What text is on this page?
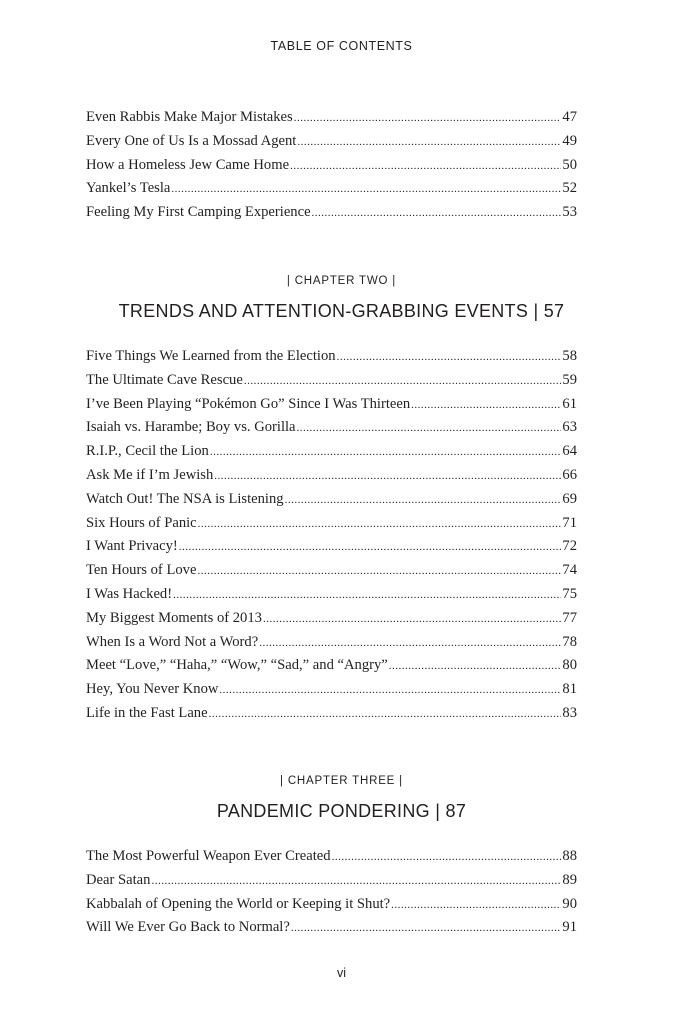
TABLE OF CONTENTS
Even Rabbis Make Major Mistakes .....	47
Every One of Us Is a Mossad Agent .....	49
How a Homeless Jew Came Home .....	50
Yankel’s Tesla .....	52
Feeling My First Camping Experience .....	53
| CHAPTER TWO |
TRENDS AND ATTENTION-GRABBING EVENTS | 57
Five Things We Learned from the Election .....	58
The Ultimate Cave Rescue .....	59
I’ve Been Playing “Pokémon Go” Since I Was Thirteen .....	61
Isaiah vs. Harambe; Boy vs. Gorilla .....	63
R.I.P., Cecil the Lion .....	64
Ask Me if I’m Jewish .....	66
Watch Out! The NSA is Listening .....	69
Six Hours of Panic .....	71
I Want Privacy! .....	72
Ten Hours of Love .....	74
I Was Hacked! .....	75
My Biggest Moments of 2013 .....	77
When Is a Word Not a Word? .....	78
Meet “Love,” “Haha,” “Wow,” “Sad,” and “Angry” .....	80
Hey, You Never Know .....	81
Life in the Fast Lane .....	83
| CHAPTER THREE |
PANDEMIC PONDERING | 87
The Most Powerful Weapon Ever Created .....	88
Dear Satan .....	89
Kabbalah of Opening the World or Keeping it Shut? .....	90
Will We Ever Go Back to Normal? .....	91
vi
